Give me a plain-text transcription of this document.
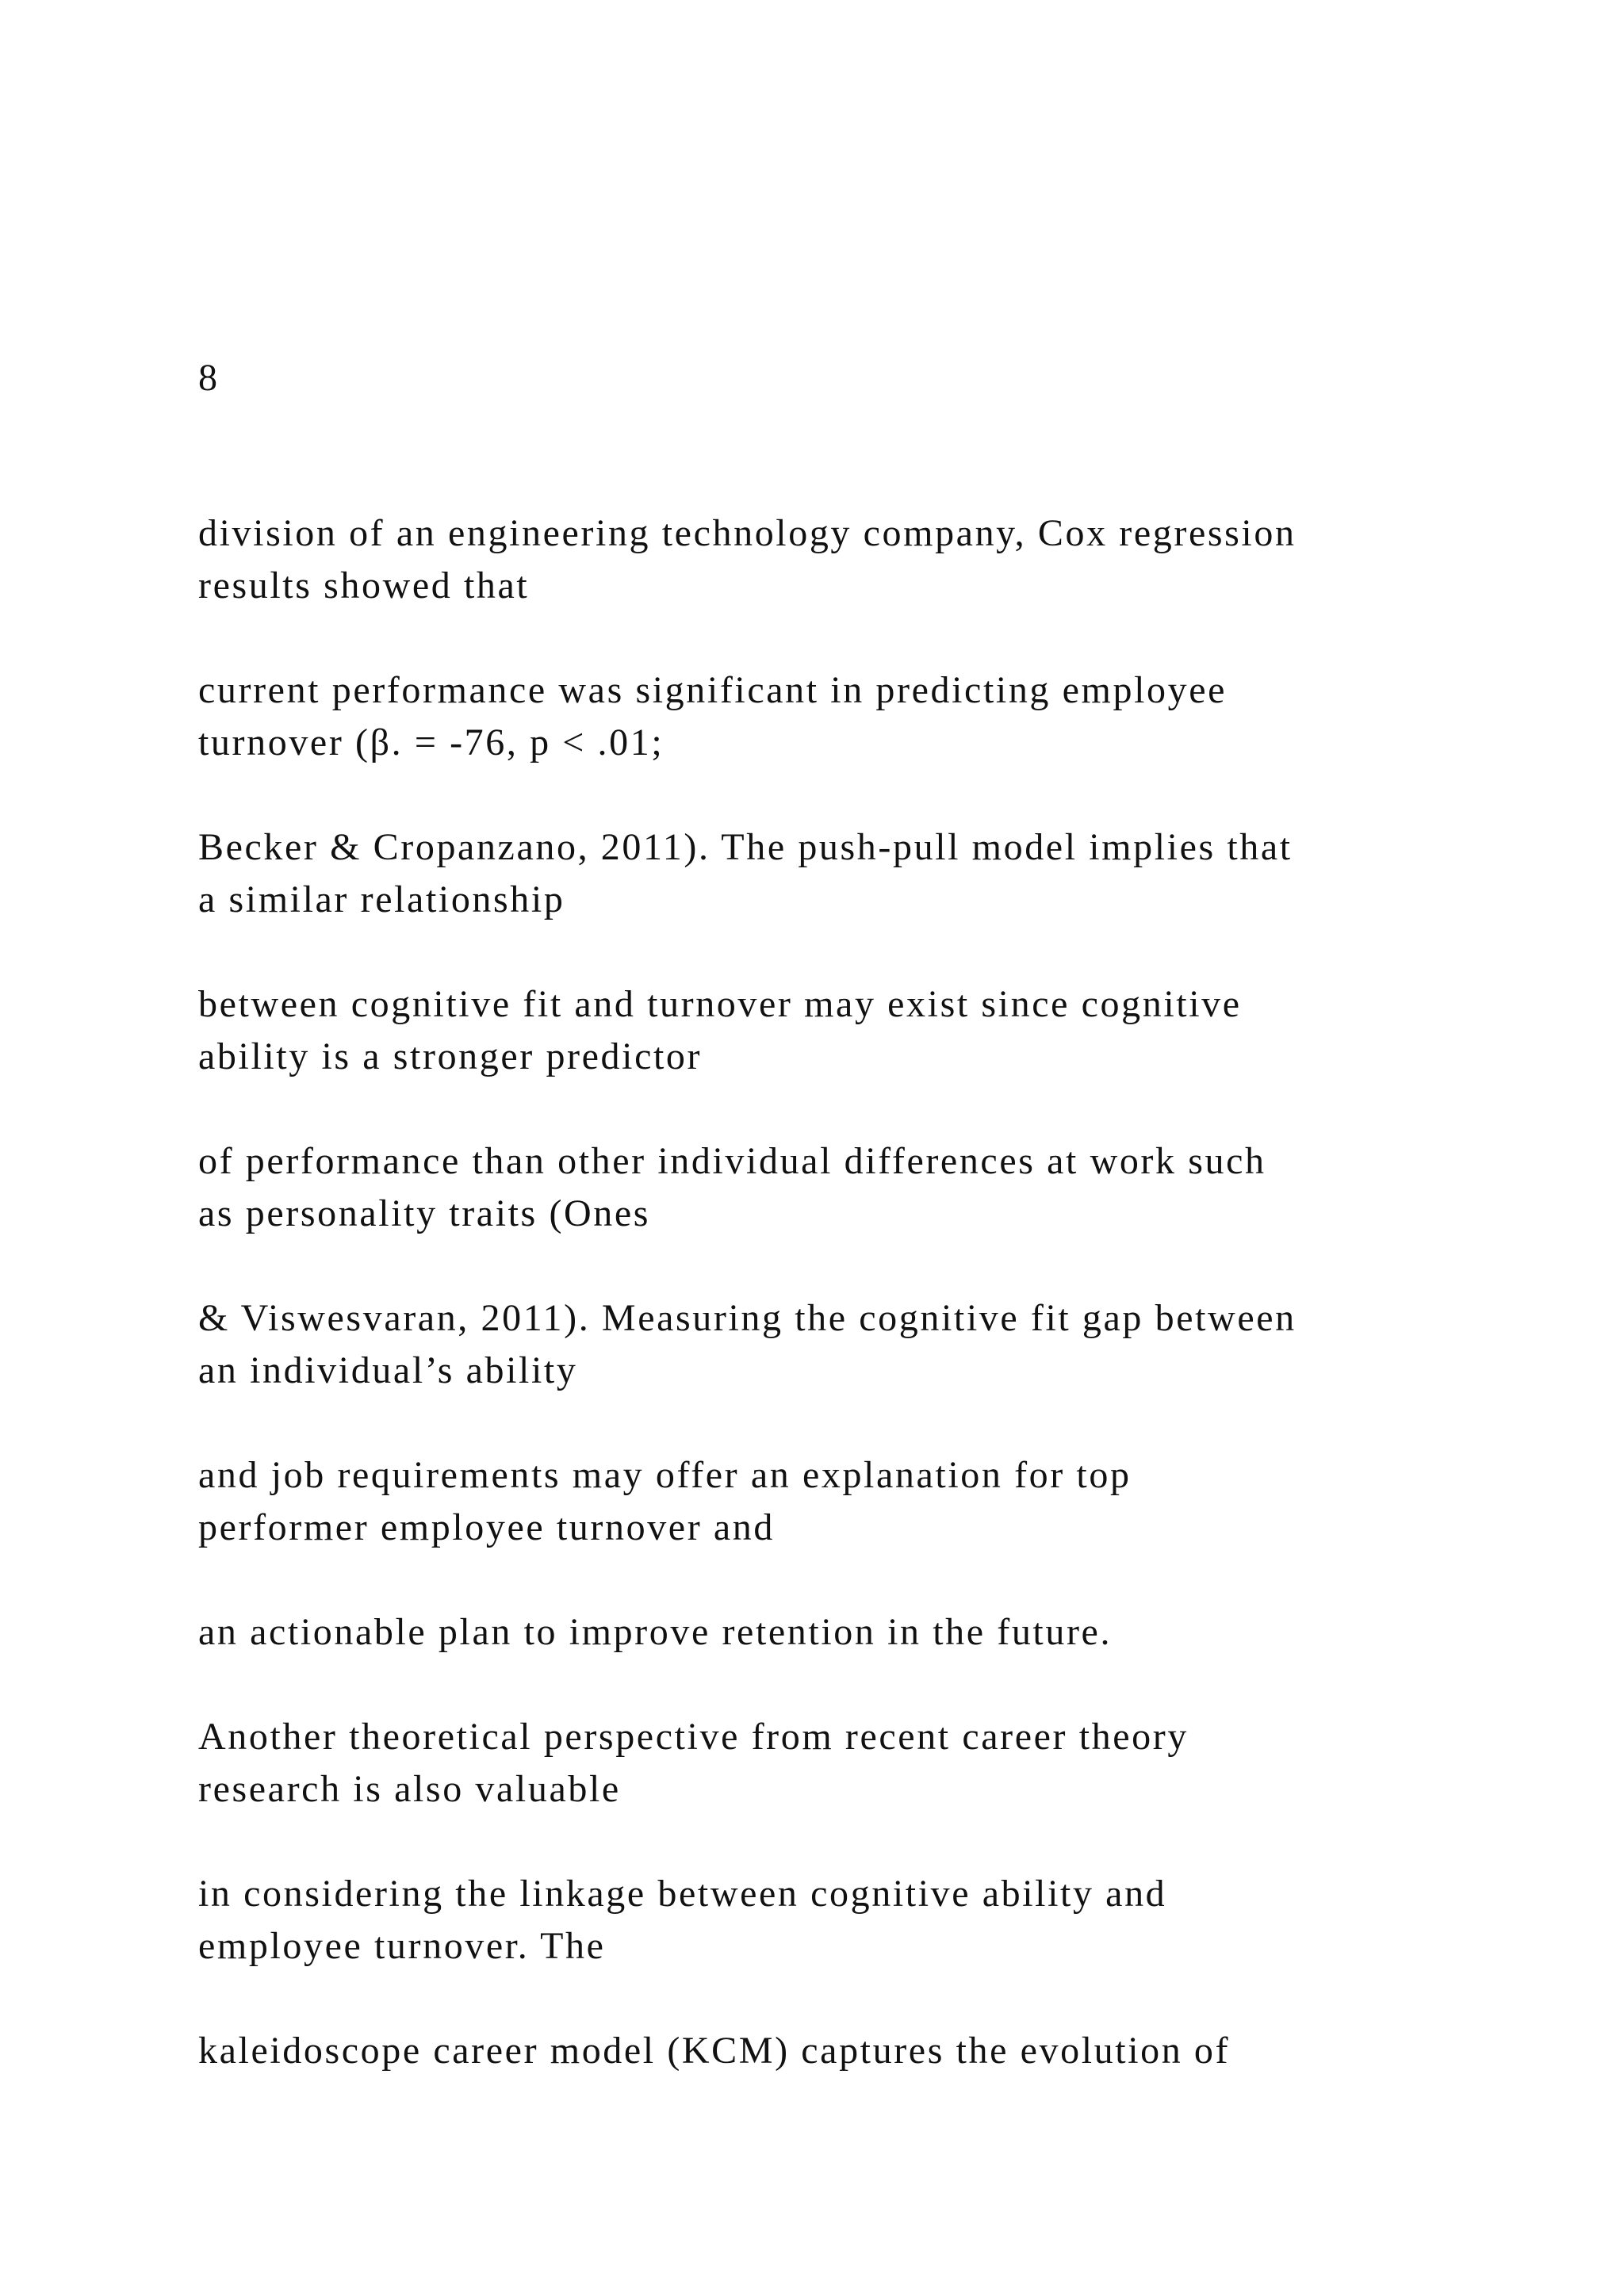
8

division of an engineering technology company, Cox regression
results showed that

current performance was significant in predicting employee
turnover (β. = -76, p < .01;

Becker & Cropanzano, 2011). The push-pull model implies that
a similar relationship

between cognitive fit and turnover may exist since cognitive
ability is a stronger predictor

of performance than other individual differences at work such
as personality traits (Ones

& Viswesvaran, 2011). Measuring the cognitive fit gap between
an individual’s ability

and job requirements may offer an explanation for top
performer employee turnover and

an actionable plan to improve retention in the future.

Another theoretical perspective from recent career theory
research is also valuable

in considering the linkage between cognitive ability and
employee turnover. The

kaleidoscope career model (KCM) captures the evolution of
